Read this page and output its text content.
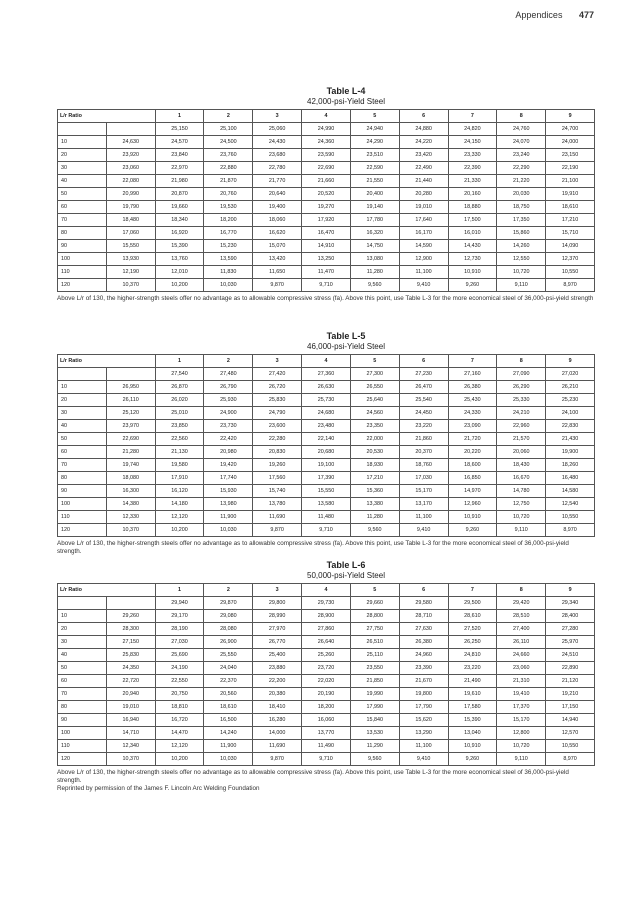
Appendices 477
Table L-4
42,000-psi-Yield Steel
L/r Ratio		1	2	3	4	5	6	7	8	9
		25,150	25,100	25,060	24,990	24,940	24,880	24,820	24,760	24,700
10	24,630	24,570	24,500	24,430	24,360	24,290	24,220	24,150	24,070	24,000
20	23,920	23,840	23,760	23,680	23,590	23,510	23,420	23,330	23,240	23,150
30	23,060	22,970	22,880	22,780	22,690	22,590	22,490	22,390	22,290	22,190
40	22,080	21,980	21,870	21,770	21,660	21,550	21,440	21,330	21,220	21,100
50	20,990	20,870	20,760	20,640	20,520	20,400	20,280	20,160	20,030	19,910
60	19,790	19,660	19,530	19,400	19,270	19,140	19,010	18,880	18,750	18,610
70	18,480	18,340	18,200	18,060	17,920	17,780	17,640	17,500	17,350	17,210
80	17,060	16,920	16,770	16,620	16,470	16,320	16,170	16,010	15,860	15,710
90	15,550	15,390	15,230	15,070	14,910	14,750	14,590	14,430	14,260	14,090
100	13,930	13,760	13,590	13,420	13,250	13,080	12,900	12,730	12,550	12,370
110	12,190	12,010	11,830	11,650	11,470	11,280	11,100	10,910	10,720	10,550
120	10,370	10,200	10,030	9,870	9,710	9,560	9,410	9,260	9,110	8,970
Above L/r of 130, the higher-strength steels offer no advantage as to allowable compressive stress (fa). Above this point, use Table L-3 for the more economical steel of 36,000-psi-yield strength
Table L-5
46,000-psi-Yield Steel
L/r Ratio		1	2	3	4	5	6	7	8	9
		27,540	27,480	27,420	27,360	27,300	27,230	27,160	27,090	27,020
10	26,950	26,870	26,790	26,720	26,630	26,550	26,470	26,380	26,290	26,210
20	26,110	26,020	25,930	25,830	25,730	25,640	25,540	25,430	25,330	25,230
30	25,120	25,010	24,900	24,790	24,680	24,560	24,450	24,330	24,210	24,100
40	23,970	23,850	23,730	23,600	23,480	23,350	23,220	23,090	22,960	22,830
50	22,690	22,560	22,420	22,280	22,140	22,000	21,860	21,720	21,570	21,430
60	21,280	21,130	20,980	20,830	20,680	20,530	20,370	20,220	20,060	19,900
70	19,740	19,580	19,420	19,260	19,100	18,930	18,760	18,600	18,430	18,260
80	18,080	17,910	17,740	17,560	17,390	17,210	17,030	16,850	16,670	16,480
90	16,300	16,120	15,930	15,740	15,550	15,360	15,170	14,970	14,780	14,580
100	14,380	14,180	13,980	13,780	13,580	13,380	13,170	12,960	12,750	12,540
110	12,330	12,120	11,900	11,690	11,480	11,280	11,100	10,910	10,720	10,550
120	10,370	10,200	10,030	9,870	9,710	9,560	9,410	9,260	9,110	8,970
Above L/r of 130, the higher-strength steels offer no advantage as to allowable compressive stress (fa). Above this point, use Table L-3 for the more economical steel of 36,000-psi-yield strength.
Table L-6
50,000-psi-Yield Steel
L/r Ratio		1	2	3	4	5	6	7	8	9
		29,940	29,870	29,800	29,730	29,660	29,580	29,500	29,420	29,340
10	29,260	29,170	29,080	28,990	28,900	28,800	28,710	28,610	28,510	28,400
20	28,300	28,190	28,080	27,970	27,860	27,750	27,630	27,520	27,400	27,280
30	27,150	27,030	26,900	26,770	26,640	26,510	26,380	26,250	26,110	25,970
40	25,830	25,690	25,550	25,400	25,260	25,110	24,960	24,810	24,660	24,510
50	24,350	24,190	24,040	23,880	23,720	23,550	23,390	23,220	23,060	22,890
60	22,720	22,550	22,370	22,200	22,020	21,850	21,670	21,490	21,310	21,120
70	20,940	20,750	20,560	20,380	20,190	19,990	19,800	19,610	19,410	19,210
80	19,010	18,810	18,610	18,410	18,200	17,990	17,790	17,580	17,370	17,150
90	16,940	16,720	16,500	16,280	16,060	15,840	15,620	15,390	15,170	14,940
100	14,710	14,470	14,240	14,000	13,770	13,530	13,290	13,040	12,800	12,570
110	12,340	12,120	11,900	11,690	11,490	11,290	11,100	10,910	10,720	10,550
120	10,370	10,200	10,030	9,870	9,710	9,560	9,410	9,260	9,110	8,970
Above L/r of 130, the higher-strength steels offer no advantage as to allowable compressive stress (fa). Above this point, use Table L-3 for the more economical steel of 36,000-psi-yield strength.
Reprinted by permission of the James F. Lincoln Arc Welding Foundation
